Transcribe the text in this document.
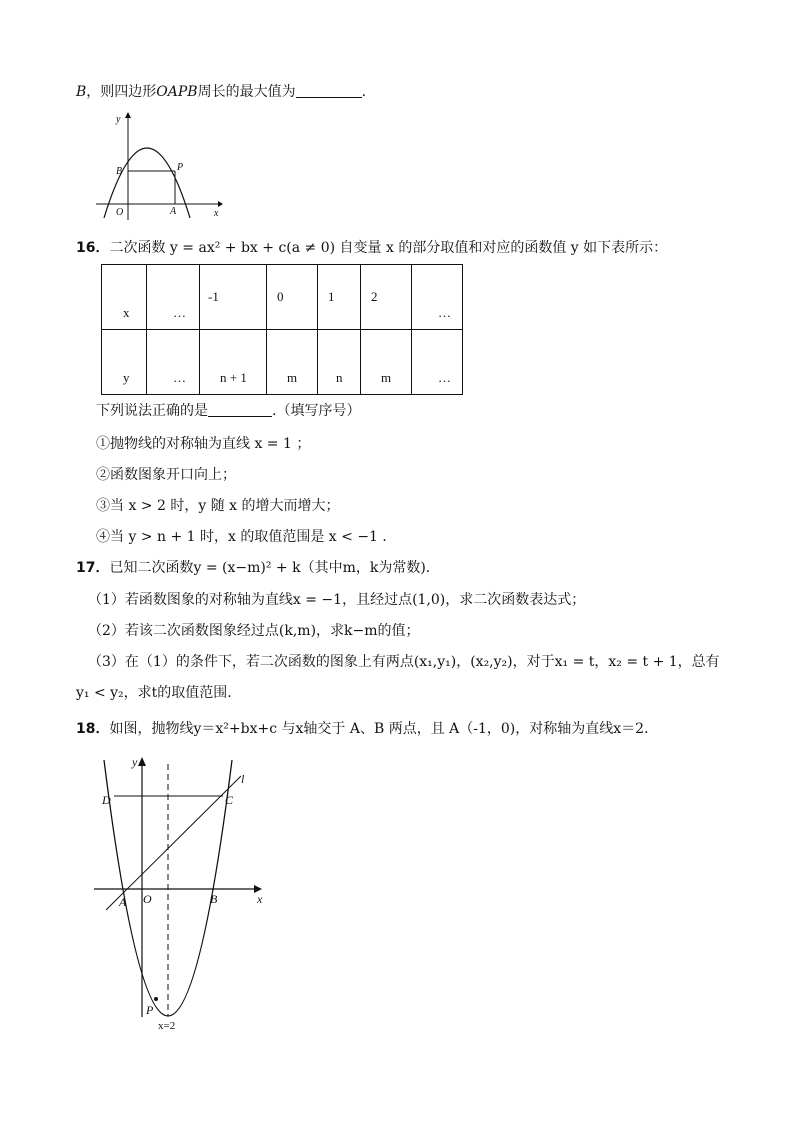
B，则四边形OAPB周长的最大值为	.
y
x
O	A
B	P
16．二次函数 y = ax² + bx + c(a ≠ 0) 自变量 x 的部分取值和对应的函数值 y 如下表所示：
x	…	-1	0	1	2	…

y	…	n + 1	m	n	m	…
下列说法正确的是	.（填写序号）
①抛物线的对称轴为直线 x = 1 ；
②函数图象开口向上；
③当 x > 2 时，y 随 x 的增大而增大；
④当 y > n + 1 时，x 的取值范围是 x < −1 ．
17．已知二次函数y = (x−m)² + k（其中m，k为常数)．
（1）若函数图象的对称轴为直线x = −1，且经过点(1,0)，求二次函数表达式；
（2）若该二次函数图象经过点(k,m)，求k−m的值；
（3）在（1）的条件下，若二次函数的图象上有两点(x₁,y₁)，(x₂,y₂)，对于x₁ = t，x₂ = t + 1，总有
y₁ < y₂，求t的取值范围．
18．如图，抛物线y＝x²+bx+c 与x轴交于 A、B 两点，且 A（-1，0)，对称轴为直线x＝2．
y
x
O
A	B
C
D
P
l
x=2
